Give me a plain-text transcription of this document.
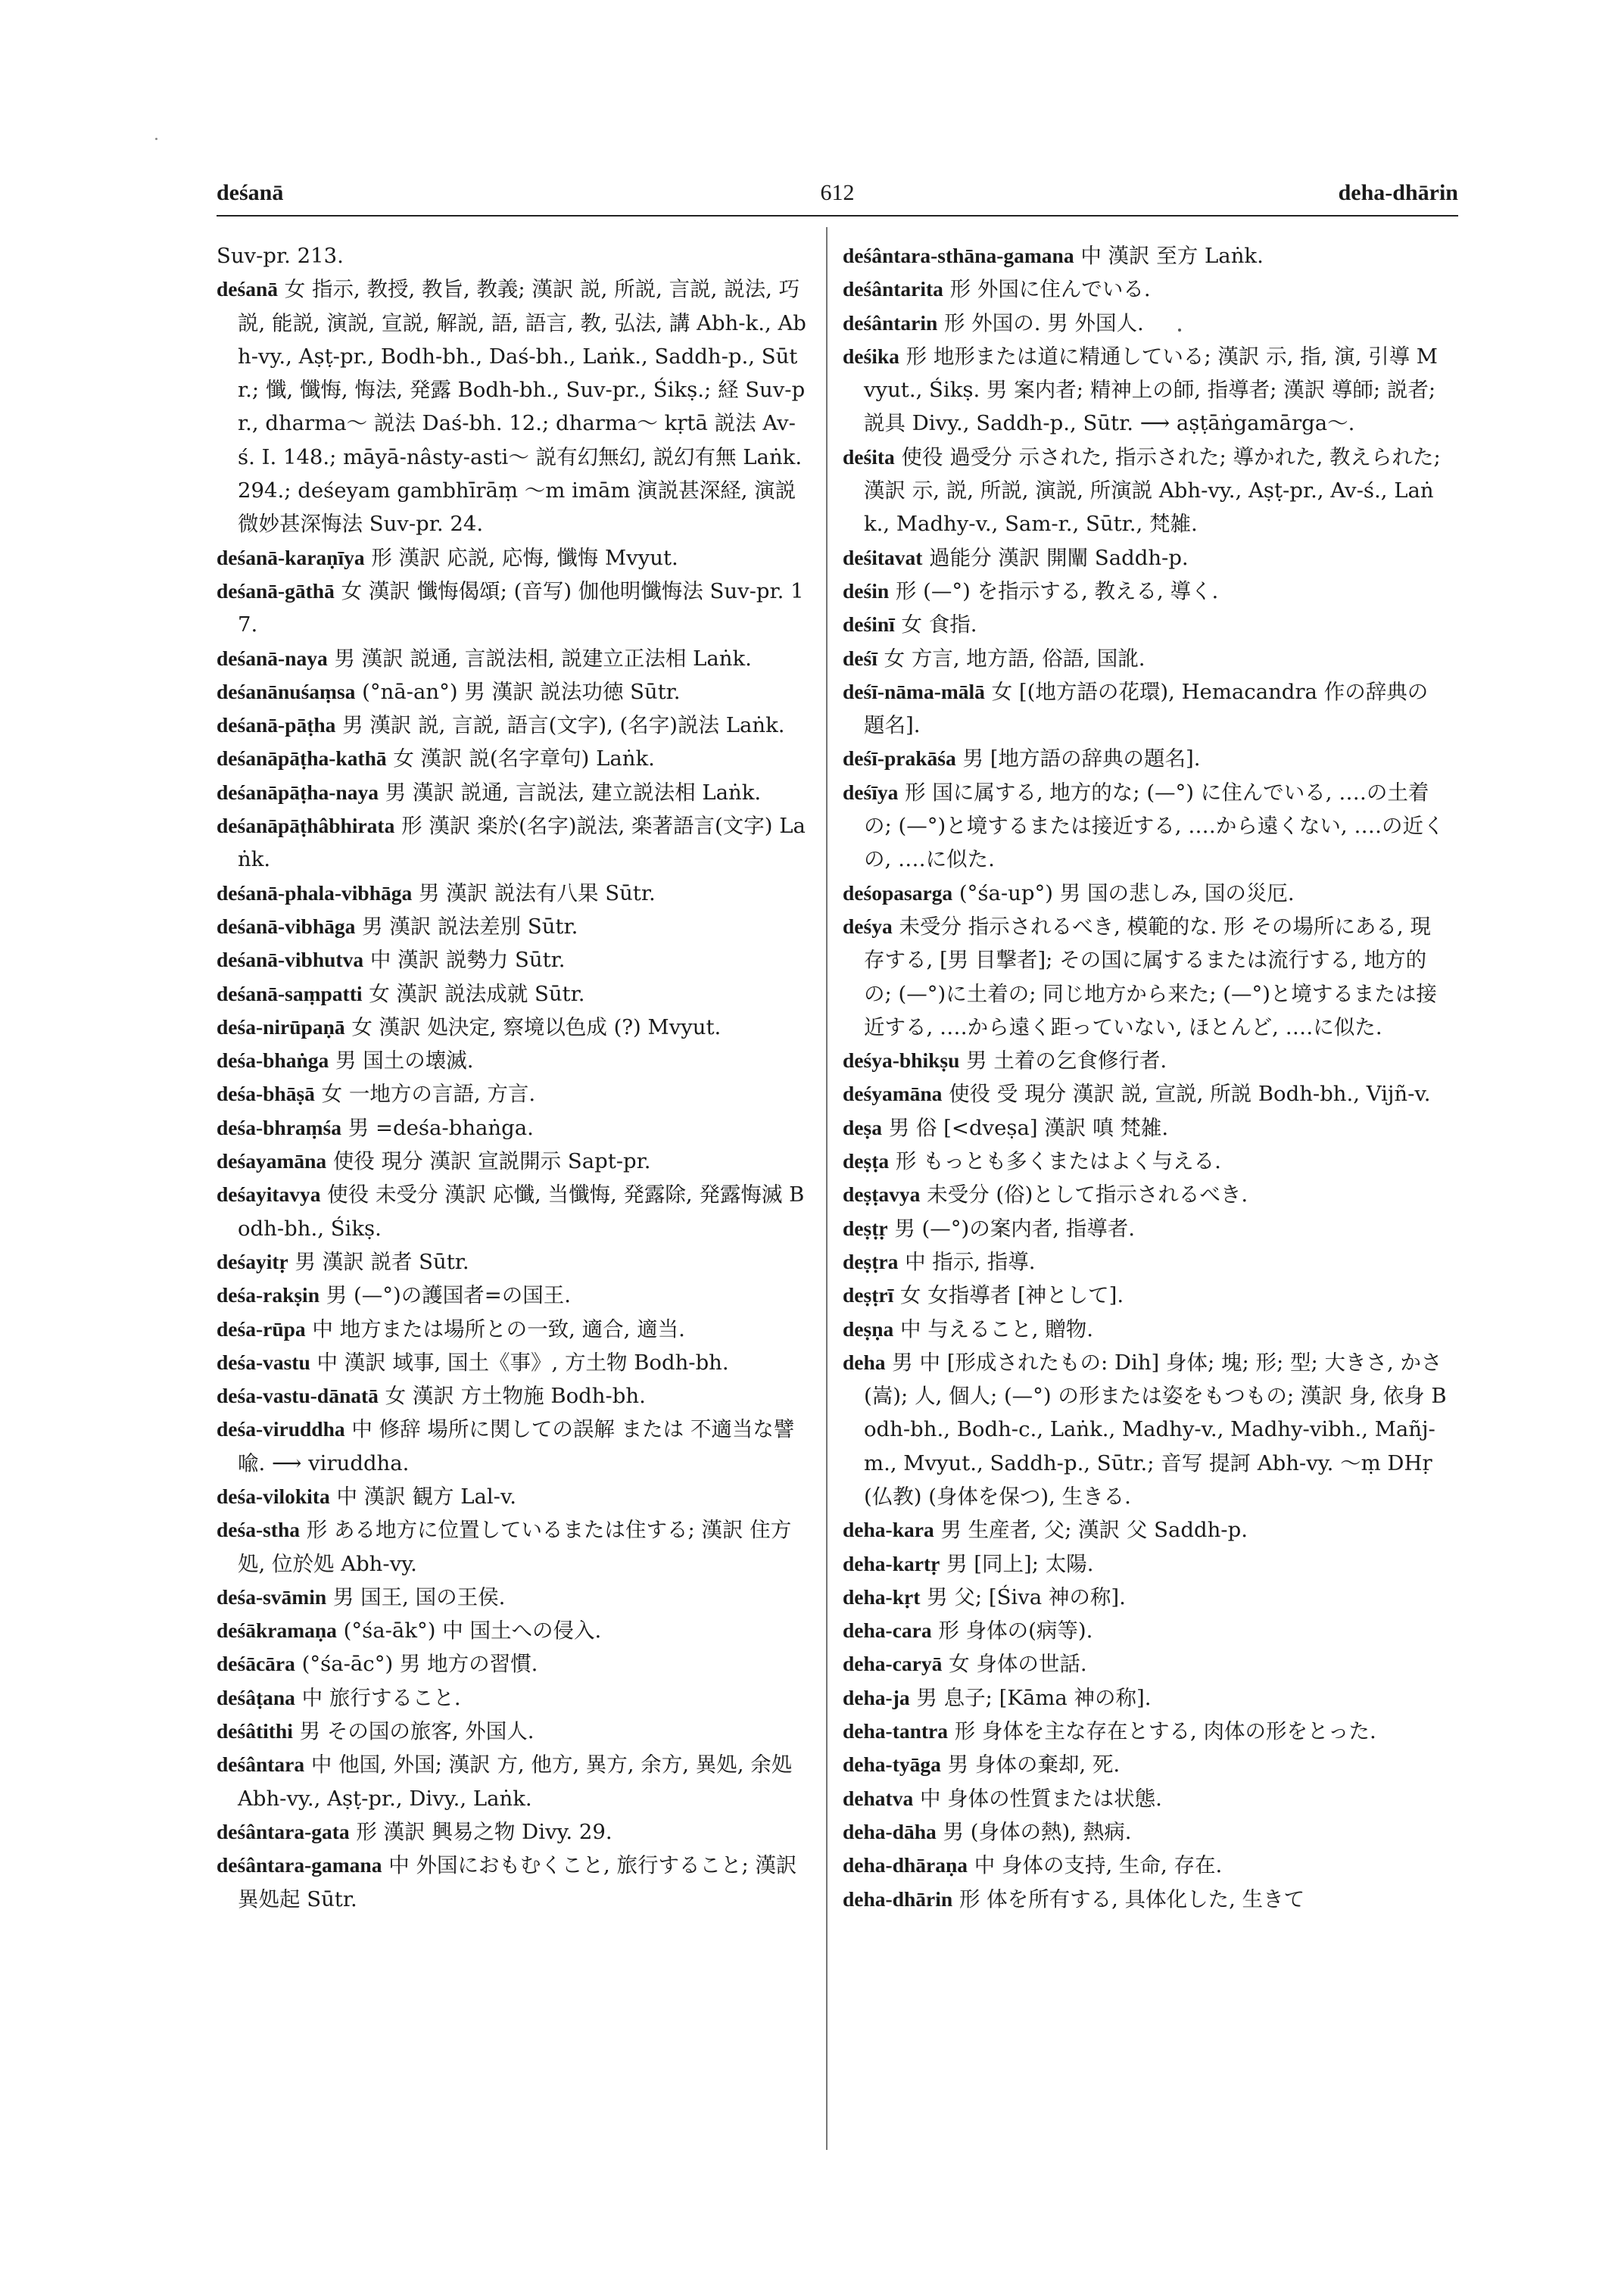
deśanā	612	deha-dhārin
Suv-pr. 213.
deśanā 女 指示, 教授, 教旨, 教義; 漢訳 説, 所説, 言説, 説法, 巧説, 能説, 演説, 宣説, 解説, 語, 語言, 教, 弘法, 講 Abh-k., Abh-vy., Aṣṭ-pr., Bodh-bh., Daś-bh., Laṅk., Saddh-p., Sūtr.; 懺, 懺悔, 悔法, 発露 Bodh-bh., Suv-pr., Śikṣ.; 経 Suv-pr., dharma～ 説法 Daś-bh. 12.; dharma～ kṛtā 説法 Av-ś. I. 148.; māyā-nâsty-asti～ 説有幻無幻, 説幻有無 Laṅk. 294.; deśeyam gambhīrāṃ ～m imām 演説甚深経, 演説微妙甚深悔法 Suv-pr. 24.
deśanā-karaṇīya 形 漢訳 応説, 応悔, 懺悔 Mvyut.
deśanā-gāthā 女 漢訳 懺悔偈頌; (音写) 伽他明懺悔法 Suv-pr. 17.
deśanā-naya 男 漢訳 説通, 言説法相, 説建立正法相 Laṅk.
deśanānuśaṃsa (°nā-an°) 男 漢訳 説法功徳 Sūtr.
deśanā-pāṭha 男 漢訳 説, 言説, 語言(文字), (名字)説法 Laṅk.
deśanāpāṭha-kathā 女 漢訳 説(名字章句) Laṅk.
deśanāpāṭha-naya 男 漢訳 説通, 言説法, 建立説法相 Laṅk.
deśanāpāṭhâbhirata 形 漢訳 楽於(名字)説法, 楽著語言(文字) Laṅk.
deśanā-phala-vibhāga 男 漢訳 説法有八果 Sūtr.
deśanā-vibhāga 男 漢訳 説法差別 Sūtr.
deśanā-vibhutva 中 漢訳 説勢力 Sūtr.
deśanā-saṃpatti 女 漢訳 説法成就 Sūtr.
deśa-nirūpaṇā 女 漢訳 処決定, 察境以色成 (?) Mvyut.
deśa-bhaṅga 男 国土の壊滅.
deśa-bhāṣā 女 一地方の言語, 方言.
deśa-bhraṃśa 男 =deśa-bhaṅga.
deśayamāna 使役 現分 漢訳 宣説開示 Sapt-pr.
deśayitavya 使役 未受分 漢訳 応懺, 当懺悔, 発露除, 発露悔滅 Bodh-bh., Śikṣ.
deśayitṛ 男 漢訳 説者 Sūtr.
deśa-rakṣin 男 (—°)の護国者=の国王.
deśa-rūpa 中 地方または場所との一致, 適合, 適当.
deśa-vastu 中 漢訳 域事, 国土《事》, 方土物 Bodh-bh.
deśa-vastu-dānatā 女 漢訳 方土物施 Bodh-bh.
deśa-viruddha 中 修辞 場所に関しての誤解 または 不適当な譬喩. ⟶ viruddha.
deśa-vilokita 中 漢訳 観方 Lal-v.
deśa-stha 形 ある地方に位置しているまたは住する; 漢訳 住方処, 位於処 Abh-vy.
deśa-svāmin 男 国王, 国の王侯.
deśākramaṇa (°śa-āk°) 中 国土への侵入.
deśācāra (°śa-āc°) 男 地方の習慣.
deśâṭana 中 旅行すること.
deśâtithi 男 その国の旅客, 外国人.
deśântara 中 他国, 外国; 漢訳 方, 他方, 異方, 余方, 異処, 余処 Abh-vy., Aṣṭ-pr., Divy., Laṅk.
deśântara-gata 形 漢訳 興易之物 Divy. 29.
deśântara-gamana 中 外国におもむくこと, 旅行すること; 漢訳 異処起 Sūtr.
deśântara-sthāna-gamana 中 漢訳 至方 Laṅk.
deśântarita 形 外国に住んでいる.
deśântarin 形 外国の. 男 外国人.
deśika 形 地形または道に精通している; 漢訳 示, 指, 演, 引導 Mvyut., Śikṣ. 男 案内者; 精神上の師, 指導者; 漢訳 導師; 説者; 説具 Divy., Saddh-p., Sūtr. ⟶ aṣṭāṅgamārga～.
deśita 使役 過受分 示された, 指示された; 導かれた, 教えられた; 漢訳 示, 説, 所説, 演説, 所演説 Abh-vy., Aṣṭ-pr., Av-ś., Laṅk., Madhy-v., Sam-r., Sūtr., 梵雑.
deśitavat 過能分 漢訳 開闡 Saddh-p.
deśin 形 (—°) を指示する, 教える, 導く.
deśinī 女 食指.
deśī 女 方言, 地方語, 俗語, 国訛.
deśī-nāma-mālā 女 [(地方語の花環), Hemacandra 作の辞典の題名].
deśī-prakāśa 男 [地方語の辞典の題名].
deśīya 形 国に属する, 地方的な; (—°) に住んでいる, ‥‥の土着の; (—°)と境するまたは接近する, ‥‥から遠くない, ‥‥の近くの, ‥‥に似た.
deśopasarga (°śa-up°) 男 国の悲しみ, 国の災厄.
deśya 未受分 指示されるべき, 模範的な. 形 その場所にある, 現存する, [男 目撃者]; その国に属するまたは流行する, 地方的の; (—°)に土着の; 同じ地方から来た; (—°)と境するまたは接近する, ‥‥から遠く距っていない, ほとんど, ‥‥に似た.
deśya-bhikṣu 男 土着の乞食修行者.
deśyamāna 使役 受 現分 漢訳 説, 宣説, 所説 Bodh-bh., Vijñ-v.
deṣa 男 俗 [<dveṣa] 漢訳 嗔 梵雑.
deṣṭa 形 もっとも多くまたはよく与える.
deṣṭavya 未受分 (俗)として指示されるべき.
deṣṭṛ 男 (—°)の案内者, 指導者.
deṣṭra 中 指示, 指導.
deṣṭrī 女 女指導者 [神として].
deṣṇa 中 与えること, 贈物.
deha 男 中 [形成されたもの: Dih] 身体; 塊; 形; 型; 大きさ, かさ (嵩); 人, 個人; (—°) の形または姿をもつもの; 漢訳 身, 依身 Bodh-bh., Bodh-c., Laṅk., Madhy-v., Madhy-vibh., Mañj-m., Mvyut., Saddh-p., Sūtr.; 音写 提訶 Abh-vy. ～ṃ DHṛ (仏教) (身体を保つ), 生きる.
deha-kara 男 生産者, 父; 漢訳 父 Saddh-p.
deha-kartṛ 男 [同上]; 太陽.
deha-kṛt 男 父; [Śiva 神の称].
deha-cara 形 身体の(病等).
deha-caryā 女 身体の世話.
deha-ja 男 息子; [Kāma 神の称].
deha-tantra 形 身体を主な存在とする, 肉体の形をとった.
deha-tyāga 男 身体の棄却, 死.
dehatva 中 身体の性質または状態.
deha-dāha 男 (身体の熱), 熱病.
deha-dhāraṇa 中 身体の支持, 生命, 存在.
deha-dhārin 形 体を所有する, 具体化した, 生きて
